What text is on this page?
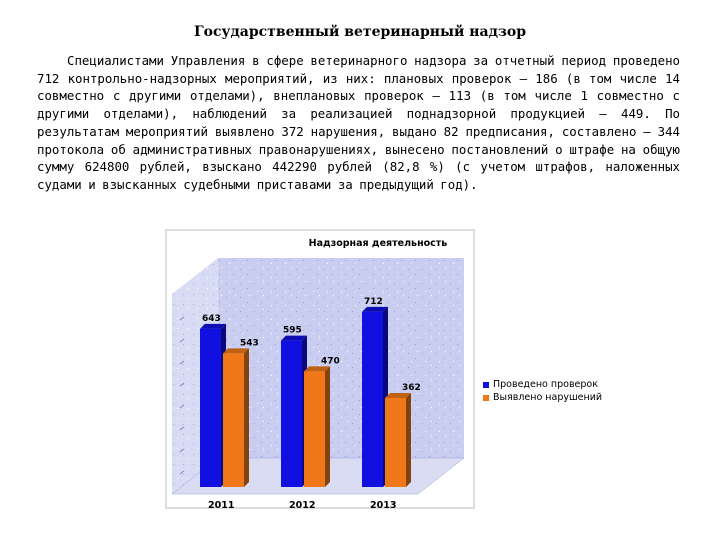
Государственный ветеринарный надзор
Специалистами Управления в сфере ветеринарного надзора за отчетный период проведено 712 контрольно-надзорных мероприятий, из них: плановых проверок – 186 (в том числе 14 совместно с другими отделами), внеплановых проверок – 113 (в том числе 1 совместно с другими отделами), наблюдений за реализацией поднадзорной продукцией – 449. По результатам мероприятий выявлено 372 нарушения, выдано 82 предписания, составлено – 344 протокола об административных правонарушениях, вынесено постановлений о штрафе на общую сумму 624800 рублей, взыскано 442290 рублей (82,8 %) (с учетом штрафов, наложенных судами и взысканных судебными приставами за предыдущий год).
Надзорная деятельность
643
543
595
470
712
362
2011	2012	2013
Проведено проверок
Выявлено нарушений
